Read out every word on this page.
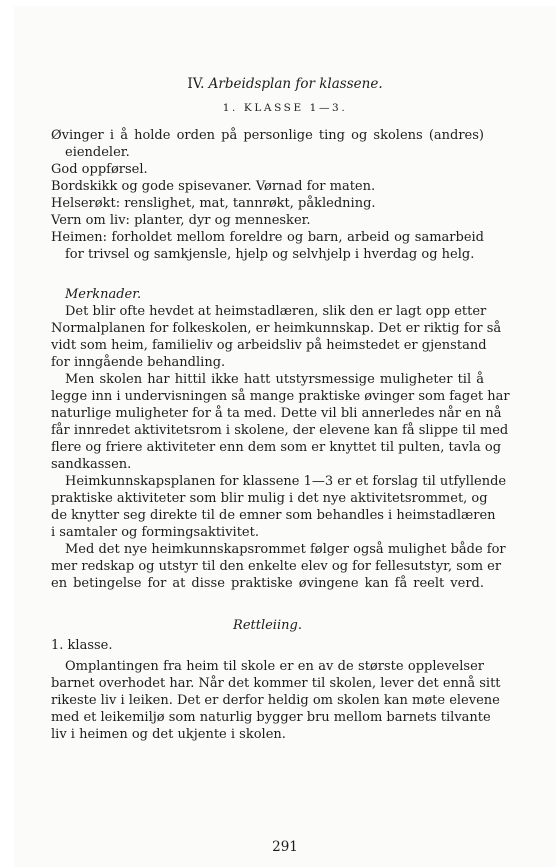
IV. Arbeidsplan for klassene.

1. KLASSE 1—3.

Øvinger i å holde orden på personlige ting og skolens (andres)

eiendeler.

God oppførsel.

Bordskikk og gode spisevaner. Vørnad for maten.

Helserøkt: renslighet, mat, tannrøkt, påkledning.

Vern om liv: planter, dyr og mennesker.

Heimen: forholdet mellom foreldre og barn, arbeid og samarbeid

for trivsel og samkjensle, hjelp og selvhjelp i hverdag og helg.

Merknader.

Det blir ofte hevdet at heimstadlæren, slik den er lagt opp etter

Normalplanen for folkeskolen, er heimkunnskap. Det er riktig for så

vidt som heim, familieliv og arbeidsliv på heimstedet er gjenstand

for inngående behandling.

Men skolen har hittil ikke hatt utstyrsmessige muligheter til å

legge inn i undervisningen så mange praktiske øvinger som faget har

naturlige muligheter for å ta med. Dette vil bli annerledes når en nå

får innredet aktivitetsrom i skolene, der elevene kan få slippe til med

flere og friere aktiviteter enn dem som er knyttet til pulten, tavla og

sandkassen.

Heimkunnskapsplanen for klassene 1—3 er et forslag til utfyllende

praktiske aktiviteter som blir mulig i det nye aktivitetsrommet, og

de knytter seg direkte til de emner som behandles i heimstadlæren

i samtaler og formingsaktivitet.

Med det nye heimkunnskapsrommet følger også mulighet både for

mer redskap og utstyr til den enkelte elev og for fellesutstyr, som er

en betingelse for at disse praktiske øvingene kan få reelt verd.

Rettleiing.

1. klasse.

Omplantingen fra heim til skole er en av de største opplevelser

barnet overhodet har. Når det kommer til skolen, lever det ennå sitt

rikeste liv i leiken. Det er derfor heldig om skolen kan møte elevene

med et leikemiljø som naturlig bygger bru mellom barnets tilvante

liv i heimen og det ukjente i skolen.

291
